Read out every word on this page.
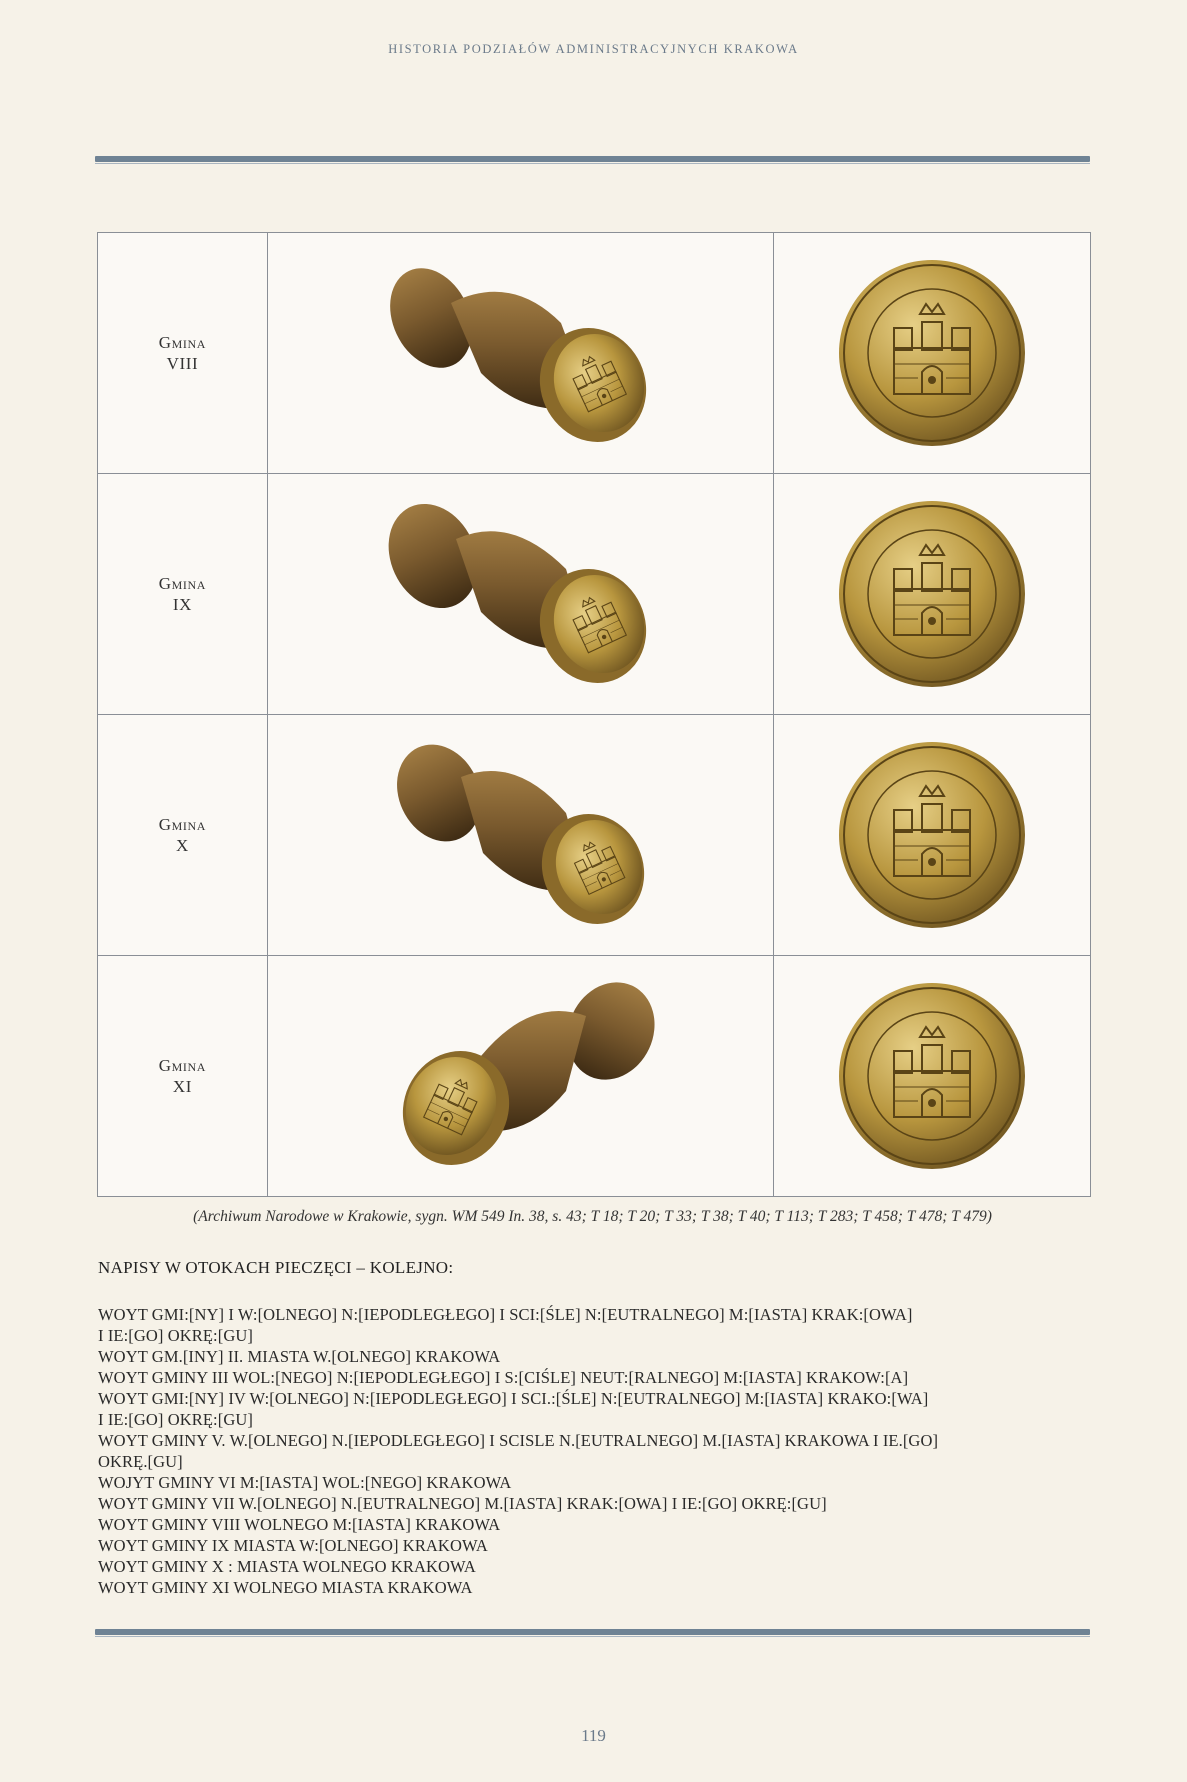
HISTORIA PODZIAŁÓW ADMINISTRACYJNYCH KRAKOWA
Gmina
VIII

Gmina
IX

Gmina
X

Gmina
XI

(Archiwum Narodowe w Krakowie, sygn. WM 549 In. 38, s. 43; T 18; T 20; T 33; T 38; T 40; T 113; T 283; T 458; T 478; T 479)
NAPISY W OTOKACH PIECZĘCI – KOLEJNO:
WOYT GMI:[NY] I W:[OLNEGO] N:[IEPODLEGŁEGO] I SCI:[ŚLE] N:[EUTRALNEGO] M:[IASTA] KRAK:[OWA]
I IE:[GO] OKRĘ:[GU]
WOYT GM.[INY] II. MIASTA W.[OLNEGO] KRAKOWA
WOYT GMINY III WOL:[NEGO] N:[IEPODLEGŁEGO] I S:[CIŚLE] NEUT:[RALNEGO] M:[IASTA] KRAKOW:[A]
WOYT GMI:[NY] IV W:[OLNEGO] N:[IEPODLEGŁEGO] I SCI.:[ŚLE] N:[EUTRALNEGO] M:[IASTA] KRAKO:[WA]
I IE:[GO] OKRĘ:[GU]
WOYT GMINY V. W.[OLNEGO] N.[IEPODLEGŁEGO] I SCISLE N.[EUTRALNEGO] M.[IASTA] KRAKOWA I IE.[GO]
OKRĘ.[GU]
WOJYT GMINY VI M:[IASTA] WOL:[NEGO] KRAKOWA
WOYT GMINY VII W.[OLNEGO] N.[EUTRALNEGO] M.[IASTA] KRAK:[OWA] I IE:[GO] OKRĘ:[GU]
WOYT GMINY VIII WOLNEGO M:[IASTA] KRAKOWA
WOYT GMINY IX MIASTA W:[OLNEGO] KRAKOWA
WOYT GMINY X : MIASTA WOLNEGO KRAKOWA
WOYT GMINY XI WOLNEGO MIASTA KRAKOWA
119
